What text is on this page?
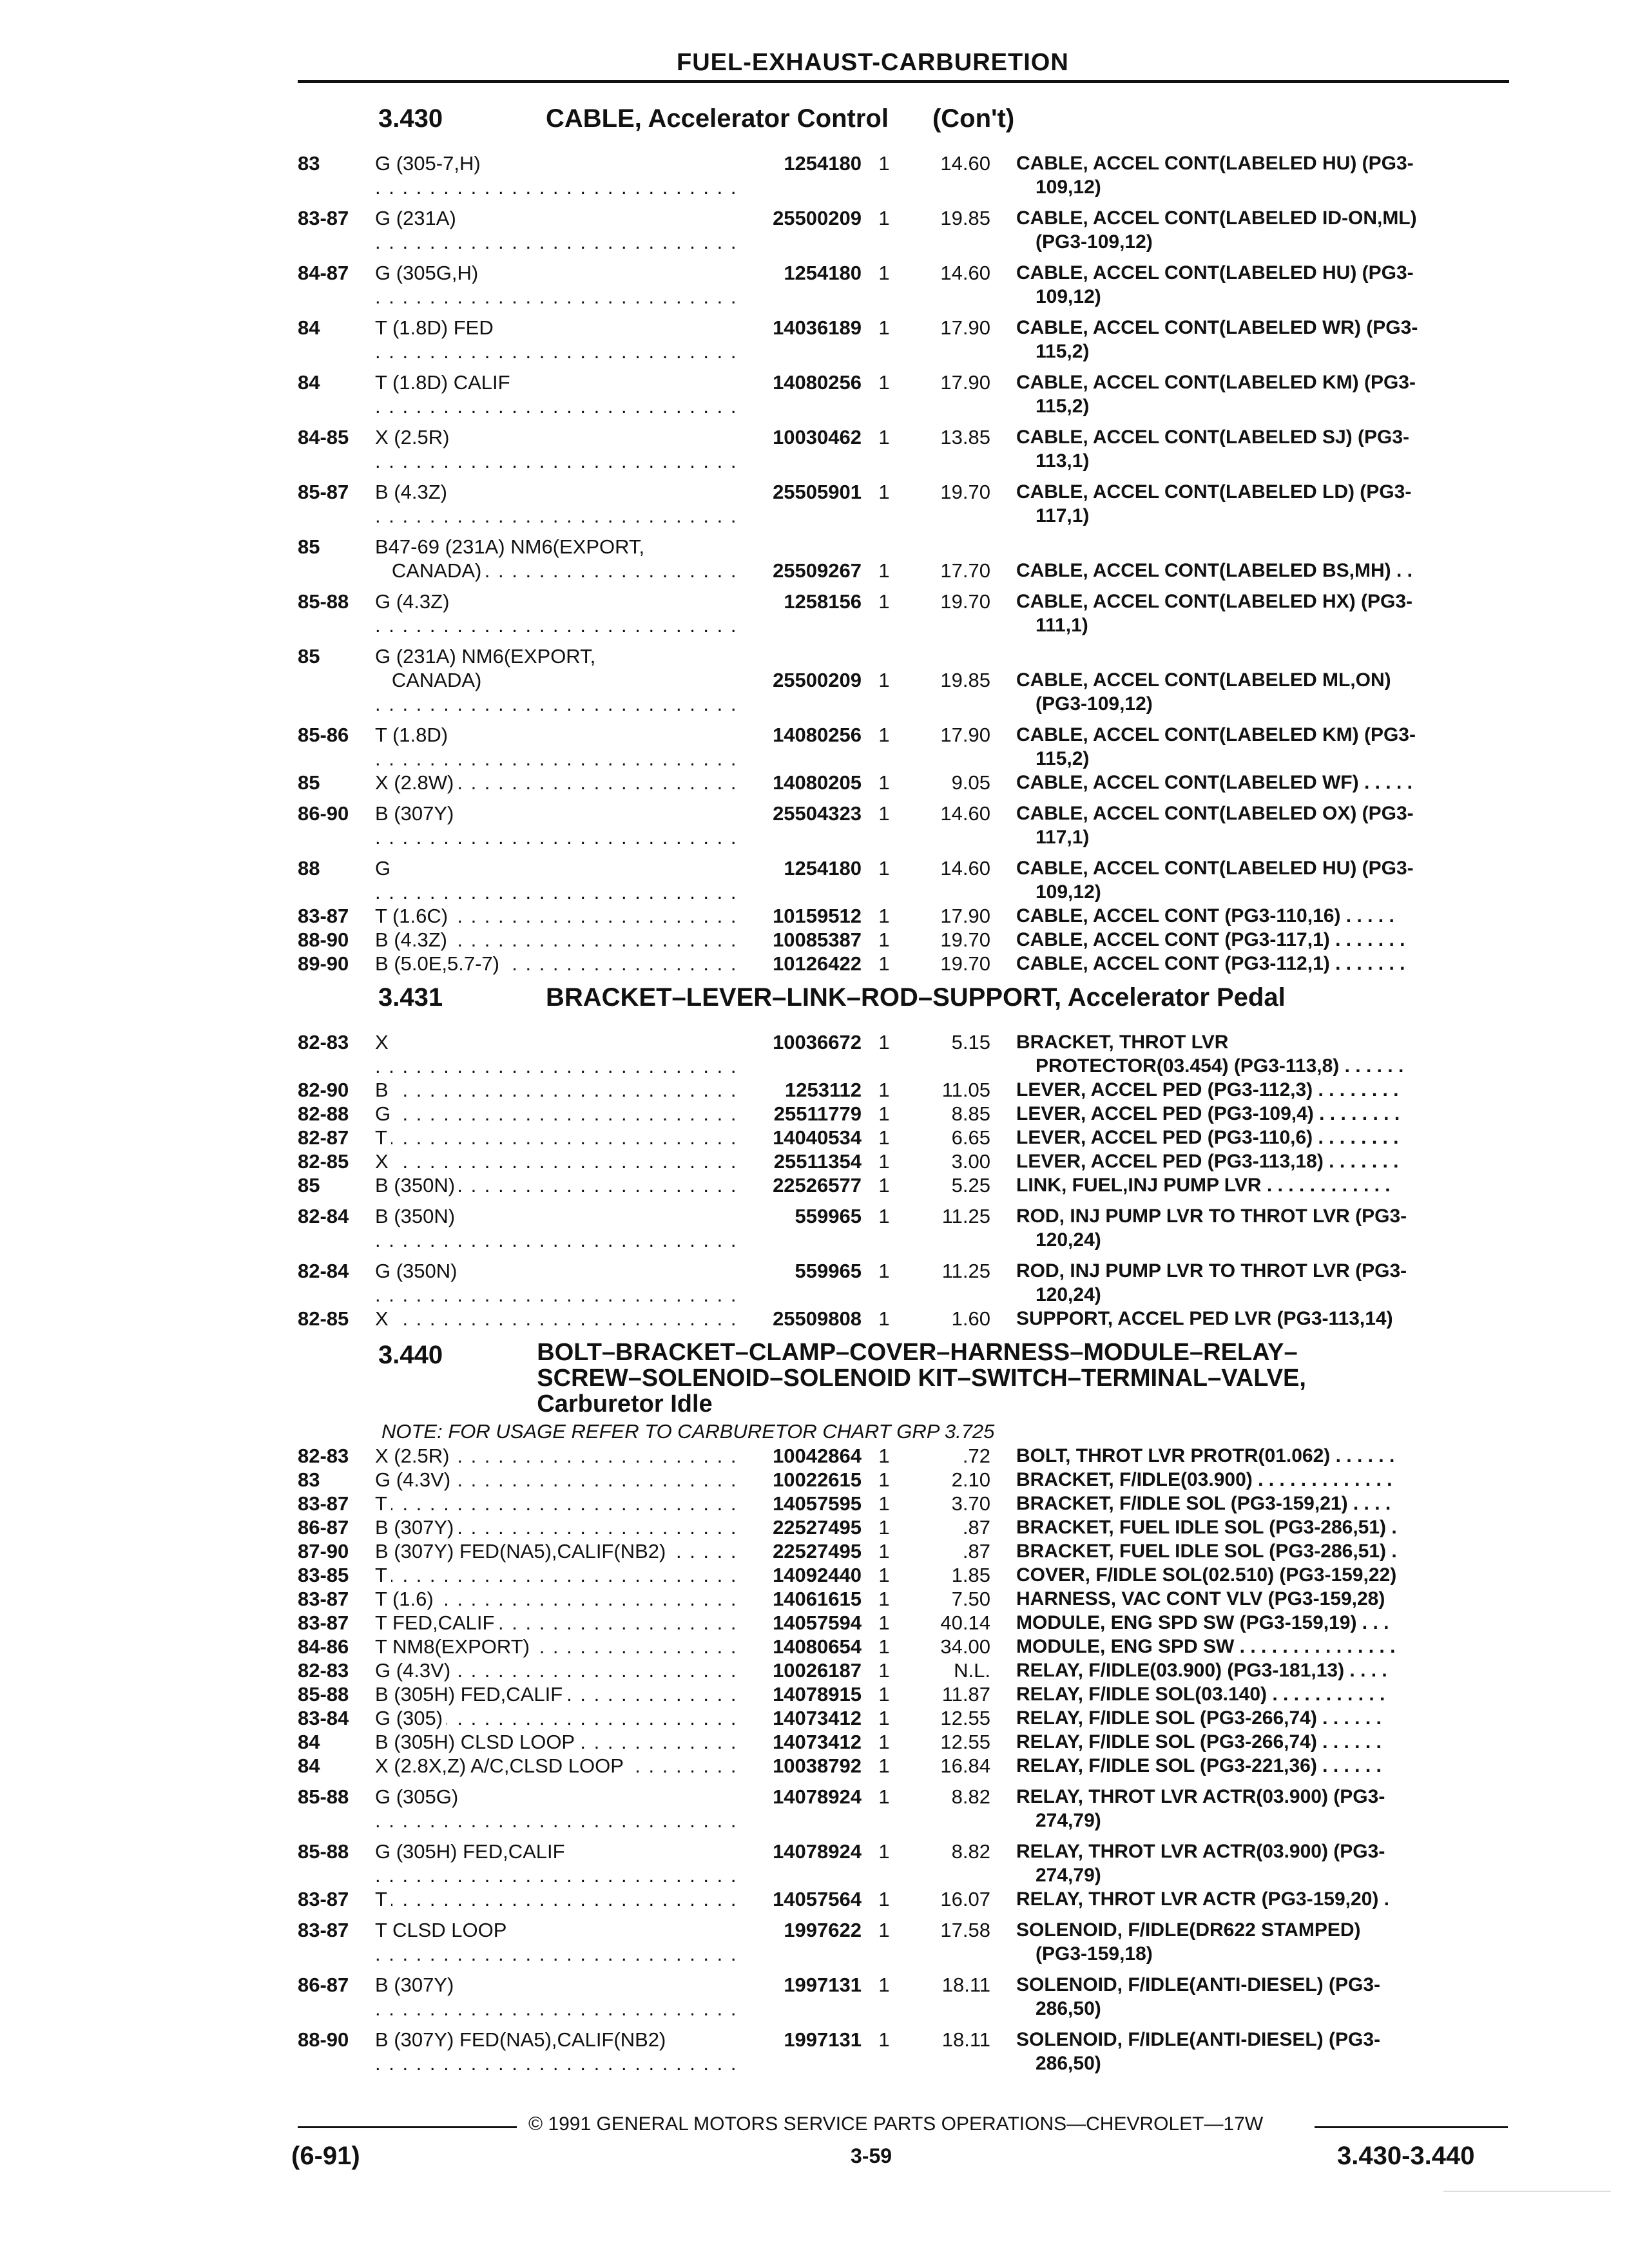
FUEL-EXHAUST-CARBURETION
3.430	CABLE, Accelerator Control	(Con't)
83	G (305-7,H) . . .	1254180 1	14.60	CABLE, ACCEL CONT(LABELED HU) (PG3-
109,12)
83-87	G (231A) . . .	25500209 1	19.85	CABLE, ACCEL CONT(LABELED ID-ON,ML)
(PG3-109,12)
84-87	G (305G,H) . . .	1254180 1	14.60	CABLE, ACCEL CONT(LABELED HU) (PG3-
109,12)
84	T (1.8D) FED . . .	14036189 1	17.90	CABLE, ACCEL CONT(LABELED WR) (PG3-
115,2)
84	T (1.8D) CALIF . . .	14080256 1	17.90	CABLE, ACCEL CONT(LABELED KM) (PG3-
115,2)
84-85	X (2.5R) . . .	10030462 1	13.85	CABLE, ACCEL CONT(LABELED SJ) (PG3-
113,1)
85-87	B (4.3Z) . . .	25505901 1	19.70	CABLE, ACCEL CONT(LABELED LD) (PG3-
117,1)
85	B47-69 (231A) NM6(EXPORT,
CANADA) . . .	25509267 1	17.70	CABLE, ACCEL CONT(LABELED BS,MH) . .
85-88	G (4.3Z) . . .	1258156 1	19.70	CABLE, ACCEL CONT(LABELED HX) (PG3-
111,1)
85	G (231A) NM6(EXPORT,
CANADA) . . .	25500209 1	19.85	CABLE, ACCEL CONT(LABELED ML,ON)
(PG3-109,12)
85-86	T (1.8D) . . .	14080256 1	17.90	CABLE, ACCEL CONT(LABELED KM) (PG3-
115,2)
85	X (2.8W) . . .	14080205 1	9.05	CABLE, ACCEL CONT(LABELED WF) . . . . .
86-90	B (307Y) . . .	25504323 1	14.60	CABLE, ACCEL CONT(LABELED OX) (PG3-
117,1)
88	G . . .	1254180 1	14.60	CABLE, ACCEL CONT(LABELED HU) (PG3-
109,12)
83-87	T (1.6C) . . .	10159512 1	17.90	CABLE, ACCEL CONT (PG3-110,16) . . . . .
88-90	B (4.3Z) . . .	10085387 1	19.70	CABLE, ACCEL CONT (PG3-117,1) . . . . . . .
89-90	B (5.0E,5.7-7) . . .	10126422 1	19.70	CABLE, ACCEL CONT (PG3-112,1) . . . . . . .
3.431	BRACKET–LEVER–LINK–ROD–SUPPORT, Accelerator Pedal
82-83	X . . .	10036672 1	5.15	BRACKET, THROT LVR
PROTECTOR(03.454) (PG3-113,8) . . . . . .
82-90	B . . .	1253112 1	11.05	LEVER, ACCEL PED (PG3-112,3) . . . . . . . .
82-88	G . . .	25511779 1	8.85	LEVER, ACCEL PED (PG3-109,4) . . . . . . . .
82-87	T . . .	14040534 1	6.65	LEVER, ACCEL PED (PG3-110,6) . . . . . . . .
82-85	X . . .	25511354 1	3.00	LEVER, ACCEL PED (PG3-113,18) . . . . . . .
85	B (350N) . . .	22526577 1	5.25	LINK, FUEL,INJ PUMP LVR . . . . . . . . . . . .
82-84	B (350N) . . .	559965 1	11.25	ROD, INJ PUMP LVR TO THROT LVR (PG3-
120,24)
82-84	G (350N) . . .	559965 1	11.25	ROD, INJ PUMP LVR TO THROT LVR (PG3-
120,24)
82-85	X . . .	25509808 1	1.60	SUPPORT, ACCEL PED LVR (PG3-113,14)
3.440	BOLT–BRACKET–CLAMP–COVER–HARNESS–MODULE–RELAY–
SCREW–SOLENOID–SOLENOID KIT–SWITCH–TERMINAL–VALVE,
Carburetor Idle
NOTE: FOR USAGE REFER TO CARBURETOR CHART GRP 3.725
82-83	X (2.5R) . . .	10042864 1	.72	BOLT, THROT LVR PROTR(01.062) . . . . . .
83	G (4.3V) . . .	10022615 1	2.10	BRACKET, F/IDLE(03.900) . . . . . . . . . . . . .
83-87	T . . .	14057595 1	3.70	BRACKET, F/IDLE SOL (PG3-159,21) . . . .
86-87	B (307Y) . . .	22527495 1	.87	BRACKET, FUEL IDLE SOL (PG3-286,51) .
87-90	B (307Y) FED(NA5),CALIF(NB2) . . .	22527495 1	.87	BRACKET, FUEL IDLE SOL (PG3-286,51) .
83-85	T . . .	14092440 1	1.85	COVER, F/IDLE SOL(02.510) (PG3-159,22)
83-87	T (1.6) . . .	14061615 1	7.50	HARNESS, VAC CONT VLV (PG3-159,28)
83-87	T FED,CALIF . . .	14057594 1	40.14	MODULE, ENG SPD SW (PG3-159,19) . . .
84-86	T NM8(EXPORT) . . .	14080654 1	34.00	MODULE, ENG SPD SW . . . . . . . . . . . . . . .
82-83	G (4.3V) . . .	10026187 1	N.L.	RELAY, F/IDLE(03.900) (PG3-181,13) . . . .
85-88	B (305H) FED,CALIF . . .	14078915 1	11.87	RELAY, F/IDLE SOL(03.140) . . . . . . . . . . .
83-84	G (305) . . .	14073412 1	12.55	RELAY, F/IDLE SOL (PG3-266,74) . . . . . .
84	B (305H) CLSD LOOP . . .	14073412 1	12.55	RELAY, F/IDLE SOL (PG3-266,74) . . . . . .
84	X (2.8X,Z) A/C,CLSD LOOP . . .	10038792 1	16.84	RELAY, F/IDLE SOL (PG3-221,36) . . . . . .
85-88	G (305G) . . .	14078924 1	8.82	RELAY, THROT LVR ACTR(03.900) (PG3-
274,79)
85-88	G (305H) FED,CALIF . . .	14078924 1	8.82	RELAY, THROT LVR ACTR(03.900) (PG3-
274,79)
83-87	T . . .	14057564 1	16.07	RELAY, THROT LVR ACTR (PG3-159,20) .
83-87	T CLSD LOOP . . .	1997622 1	17.58	SOLENOID, F/IDLE(DR622 STAMPED)
(PG3-159,18)
86-87	B (307Y) . . .	1997131 1	18.11	SOLENOID, F/IDLE(ANTI-DIESEL) (PG3-
286,50)
88-90	B (307Y) FED(NA5),CALIF(NB2) . . .	1997131 1	18.11	SOLENOID, F/IDLE(ANTI-DIESEL) (PG3-
286,50)
© 1991 GENERAL MOTORS SERVICE PARTS OPERATIONS—CHEVROLET—17W
(6-91)	3-59	3.430-3.440
